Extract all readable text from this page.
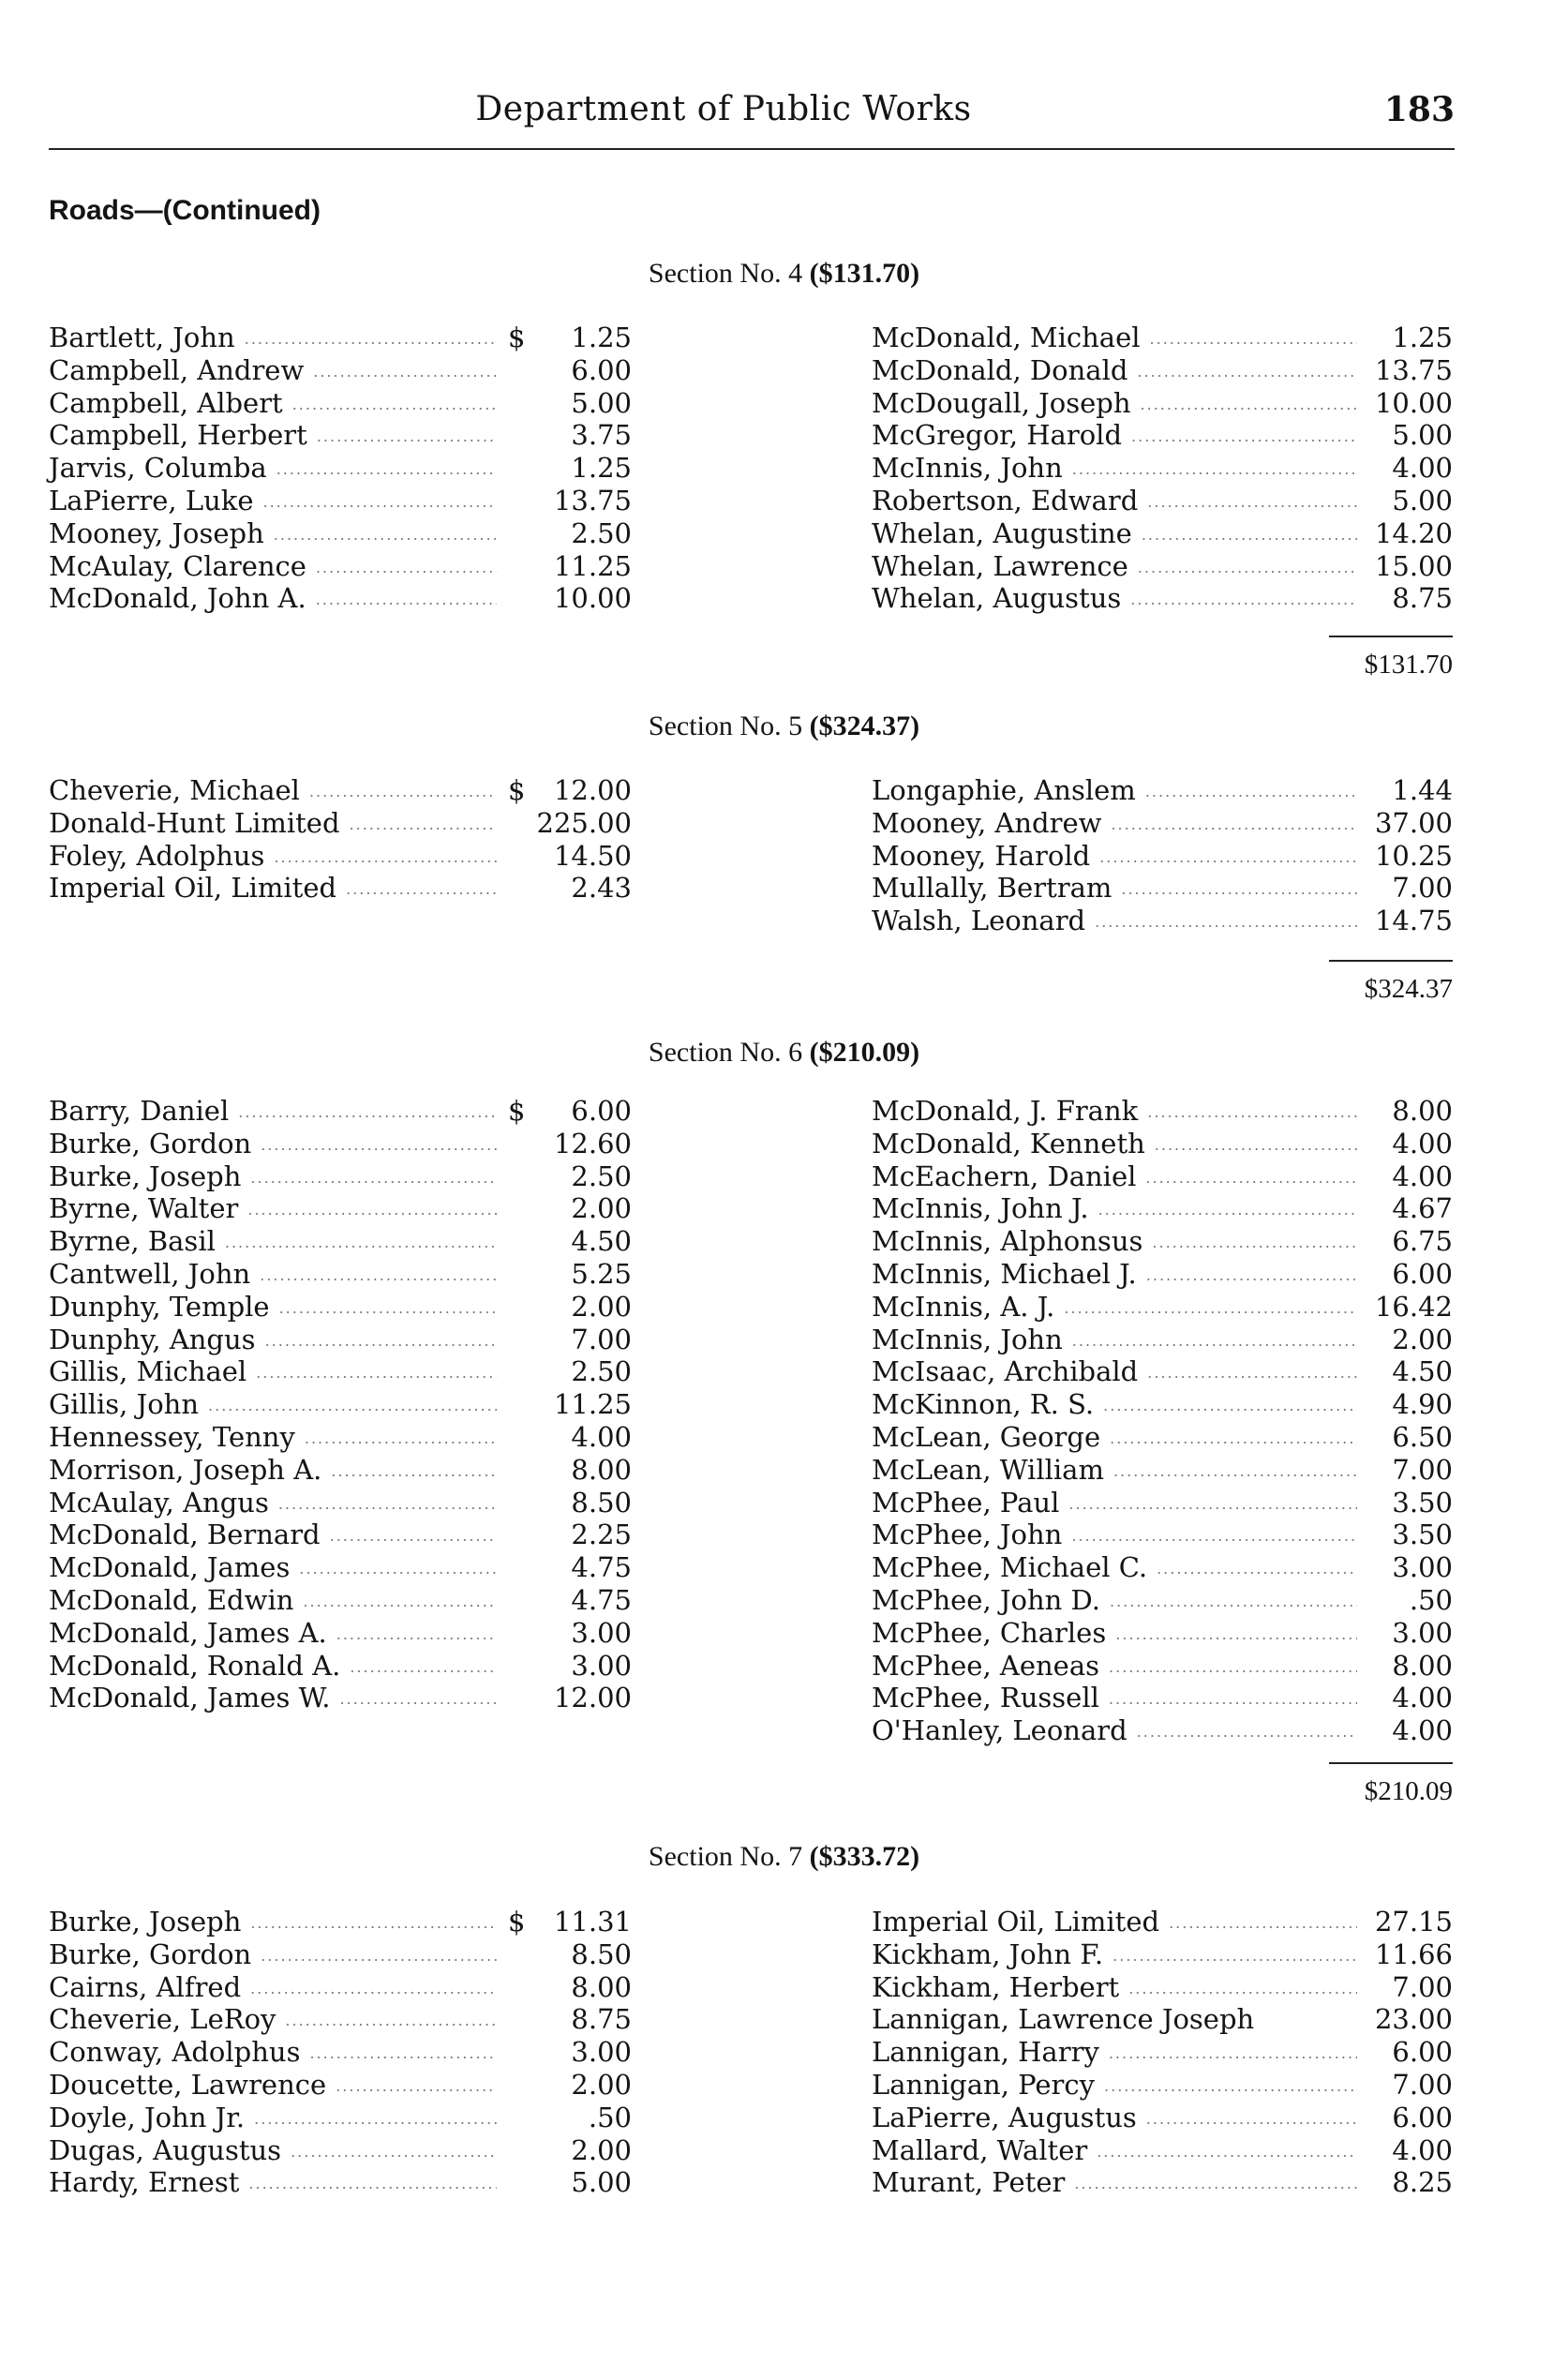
Department of Public Works	183
Roads—(Continued)
Section No. 4 ($131.70)
Bartlett, John .....	$ 1.25
Campbell, Andrew .....	6.00
Campbell, Albert .....	5.00
Campbell, Herbert .....	3.75
Jarvis, Columba .....	1.25
LaPierre, Luke .....	13.75
Mooney, Joseph .....	2.50
McAulay, Clarence .....	11.25
McDonald, John A. .....	10.00
McDonald, Michael .....	1.25
McDonald, Donald .....	13.75
McDougall, Joseph .....	10.00
McGregor, Harold .....	5.00
McInnis, John .....	4.00
Robertson, Edward .....	5.00
Whelan, Augustine .....	14.20
Whelan, Lawrence .....	15.00
Whelan, Augustus .....	8.75
$131.70
Section No. 5 ($324.37)
Cheverie, Michael .....	$ 12.00
Donald-Hunt Limited .....	225.00
Foley, Adolphus .....	14.50
Imperial Oil, Limited .....	2.43
Longaphie, Anslem .....	1.44
Mooney, Andrew .....	37.00
Mooney, Harold .....	10.25
Mullally, Bertram .....	7.00
Walsh, Leonard .....	14.75
$324.37
Section No. 6 ($210.09)
Barry, Daniel .....	$ 6.00
Burke, Gordon .....	12.60
Burke, Joseph .....	2.50
Byrne, Walter .....	2.00
Byrne, Basil .....	4.50
Cantwell, John .....	5.25
Dunphy, Temple .....	2.00
Dunphy, Angus .....	7.00
Gillis, Michael .....	2.50
Gillis, John .....	11.25
Hennessey, Tenny .....	4.00
Morrison, Joseph A. .....	8.00
McAulay, Angus .....	8.50
McDonald, Bernard .....	2.25
McDonald, James .....	4.75
McDonald, Edwin .....	4.75
McDonald, James A. .....	3.00
McDonald, Ronald A. .....	3.00
McDonald, James W. .....	12.00
McDonald, J. Frank .....	8.00
McDonald, Kenneth .....	4.00
McEachern, Daniel .....	4.00
McInnis, John J. .....	4.67
McInnis, Alphonsus .....	6.75
McInnis, Michael J. .....	6.00
McInnis, A. J. .....	16.42
McInnis, John .....	2.00
McIsaac, Archibald .....	4.50
McKinnon, R. S. .....	4.90
McLean, George .....	6.50
McLean, William .....	7.00
McPhee, Paul .....	3.50
McPhee, John .....	3.50
McPhee, Michael C. .....	3.00
McPhee, John D. .....	.50
McPhee, Charles .....	3.00
McPhee, Aeneas .....	8.00
McPhee, Russell .....	4.00
O'Hanley, Leonard .....	4.00
$210.09
Section No. 7 ($333.72)
Burke, Joseph .....	$ 11.31
Burke, Gordon .....	8.50
Cairns, Alfred .....	8.00
Cheverie, LeRoy .....	8.75
Conway, Adolphus .....	3.00
Doucette, Lawrence .....	2.00
Doyle, John Jr. .....	.50
Dugas, Augustus .....	2.00
Hardy, Ernest .....	5.00
Imperial Oil, Limited .....	27.15
Kickham, John F. .....	11.66
Kickham, Herbert .....	7.00
Lannigan, Lawrence Joseph	23.00
Lannigan, Harry .....	6.00
Lannigan, Percy .....	7.00
LaPierre, Augustus .....	6.00
Mallard, Walter .....	4.00
Murant, Peter .....	8.25
